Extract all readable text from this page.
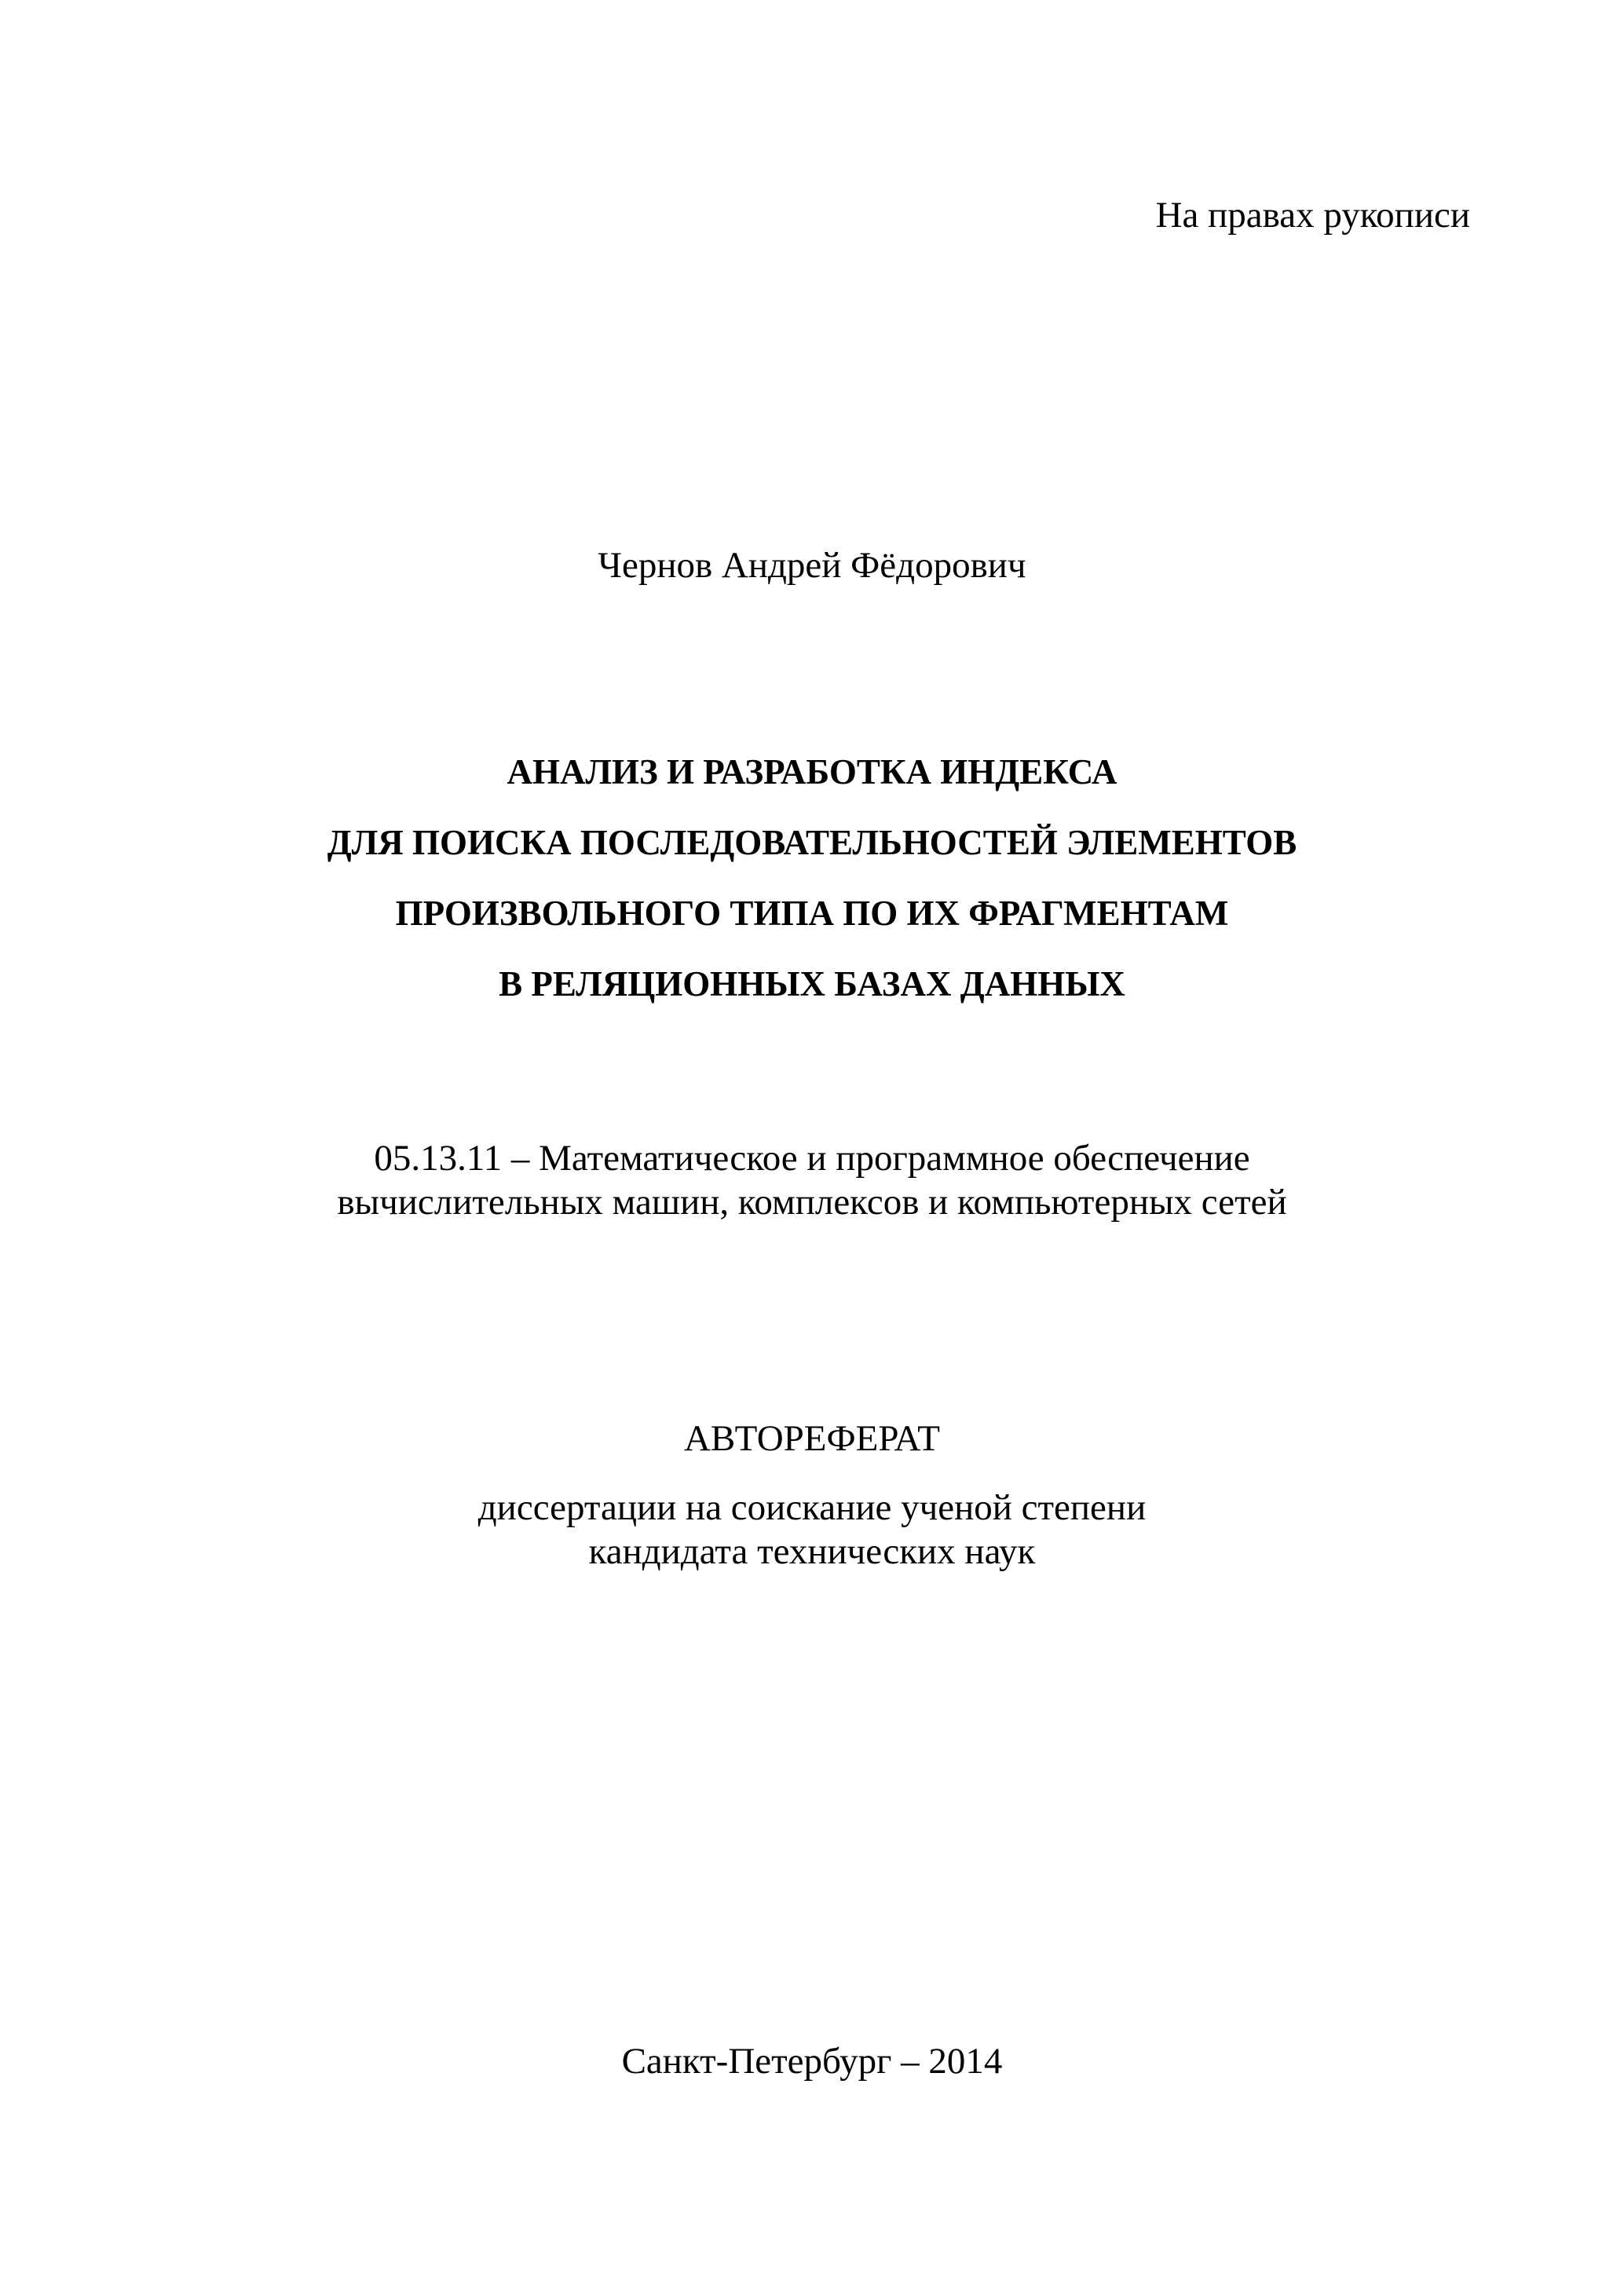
На правах рукописи

Чернов Андрей Фёдорович

АНАЛИЗ И РАЗРАБОТКА ИНДЕКСА
ДЛЯ ПОИСКА ПОСЛЕДОВАТЕЛЬНОСТЕЙ ЭЛЕМЕНТОВ
ПРОИЗВОЛЬНОГО ТИПА ПО ИХ ФРАГМЕНТАМ
В РЕЛЯЦИОННЫХ БАЗАХ ДАННЫХ

05.13.11 – Математическое и программное обеспечение

вычислительных машин, комплексов и компьютерных сетей

АВТОРЕФЕРАТ

диссертации на соискание ученой степени

кандидата технических наук

Санкт-Петербург – 2014
